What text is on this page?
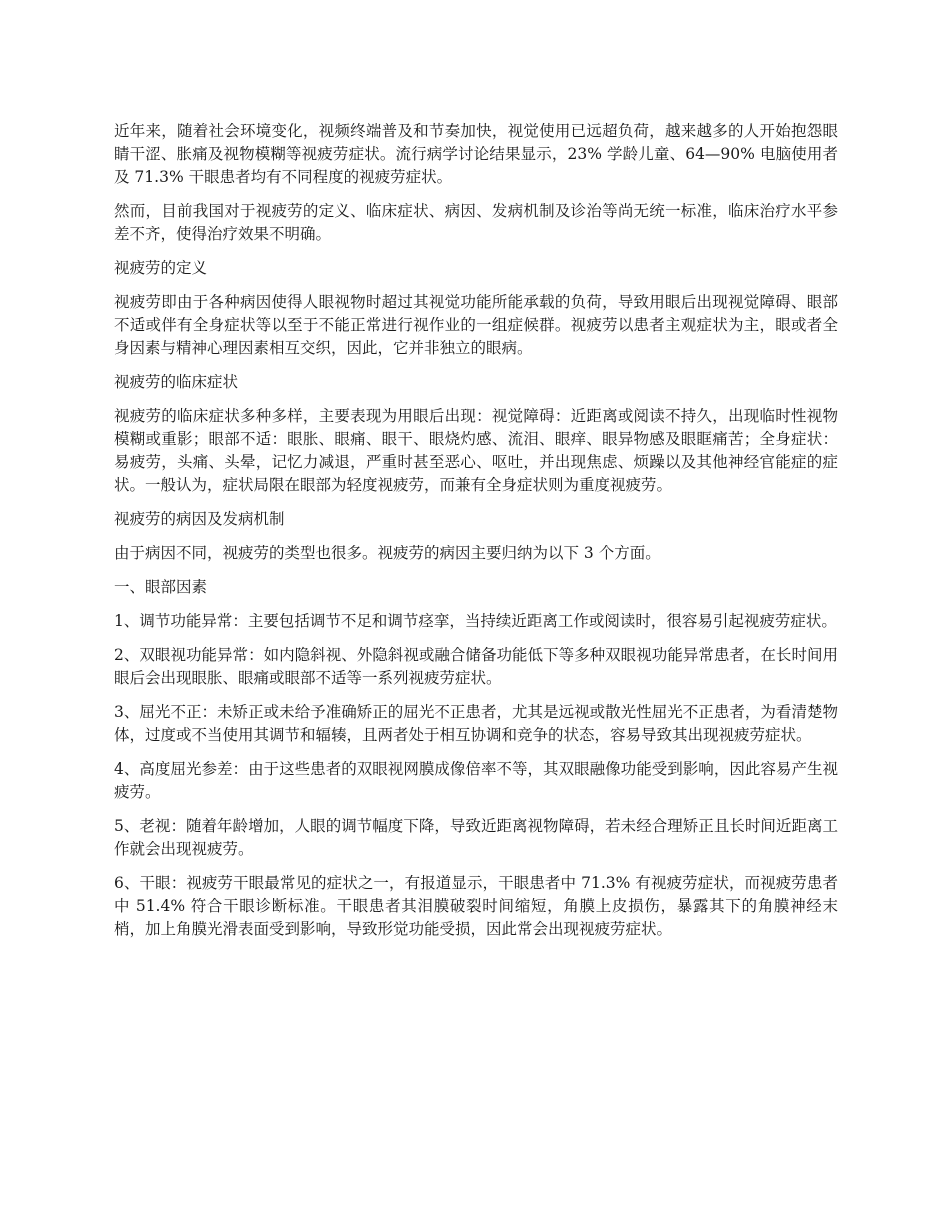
近年来，随着社会环境变化，视频终端普及和节奏加快，视觉使用已远超负荷，越来越多的人开始抱怨眼睛干涩、胀痛及视物模糊等视疲劳症状。流行病学讨论结果显示，23% 学龄儿童、64—90% 电脑使用者及 71.3% 干眼患者均有不同程度的视疲劳症状。

然而，目前我国对于视疲劳的定义、临床症状、病因、发病机制及诊治等尚无统一标准，临床治疗水平参差不齐，使得治疗效果不明确。

视疲劳的定义

视疲劳即由于各种病因使得人眼视物时超过其视觉功能所能承载的负荷，导致用眼后出现视觉障碍、眼部不适或伴有全身症状等以至于不能正常进行视作业的一组症候群。视疲劳以患者主观症状为主，眼或者全身因素与精神心理因素相互交织，因此，它并非独立的眼病。

视疲劳的临床症状

视疲劳的临床症状多种多样，主要表现为用眼后出现：视觉障碍：近距离或阅读不持久，出现临时性视物模糊或重影；眼部不适：眼胀、眼痛、眼干、眼烧灼感、流泪、眼痒、眼异物感及眼眶痛苦；全身症状：易疲劳，头痛、头晕，记忆力减退，严重时甚至恶心、呕吐，并出现焦虑、烦躁以及其他神经官能症的症状。一般认为，症状局限在眼部为轻度视疲劳，而兼有全身症状则为重度视疲劳。

视疲劳的病因及发病机制

由于病因不同，视疲劳的类型也很多。视疲劳的病因主要归纳为以下 3 个方面。

一、眼部因素

1、调节功能异常：主要包括调节不足和调节痉挛，当持续近距离工作或阅读时，很容易引起视疲劳症状。

2、双眼视功能异常：如内隐斜视、外隐斜视或融合储备功能低下等多种双眼视功能异常患者，在长时间用眼后会出现眼胀、眼痛或眼部不适等一系列视疲劳症状。

3、屈光不正：未矫正或未给予准确矫正的屈光不正患者，尤其是远视或散光性屈光不正患者，为看清楚物体，过度或不当使用其调节和辐辏，且两者处于相互协调和竞争的状态，容易导致其出现视疲劳症状。

4、高度屈光参差：由于这些患者的双眼视网膜成像倍率不等，其双眼融像功能受到影响，因此容易产生视疲劳。

5、老视：随着年龄增加，人眼的调节幅度下降，导致近距离视物障碍，若未经合理矫正且长时间近距离工作就会出现视疲劳。

6、干眼：视疲劳干眼最常见的症状之一，有报道显示，干眼患者中 71.3% 有视疲劳症状，而视疲劳患者中 51.4% 符合干眼诊断标准。干眼患者其泪膜破裂时间缩短，角膜上皮损伤，暴露其下的角膜神经末梢，加上角膜光滑表面受到影响，导致形觉功能受损，因此常会出现视疲劳症状。
